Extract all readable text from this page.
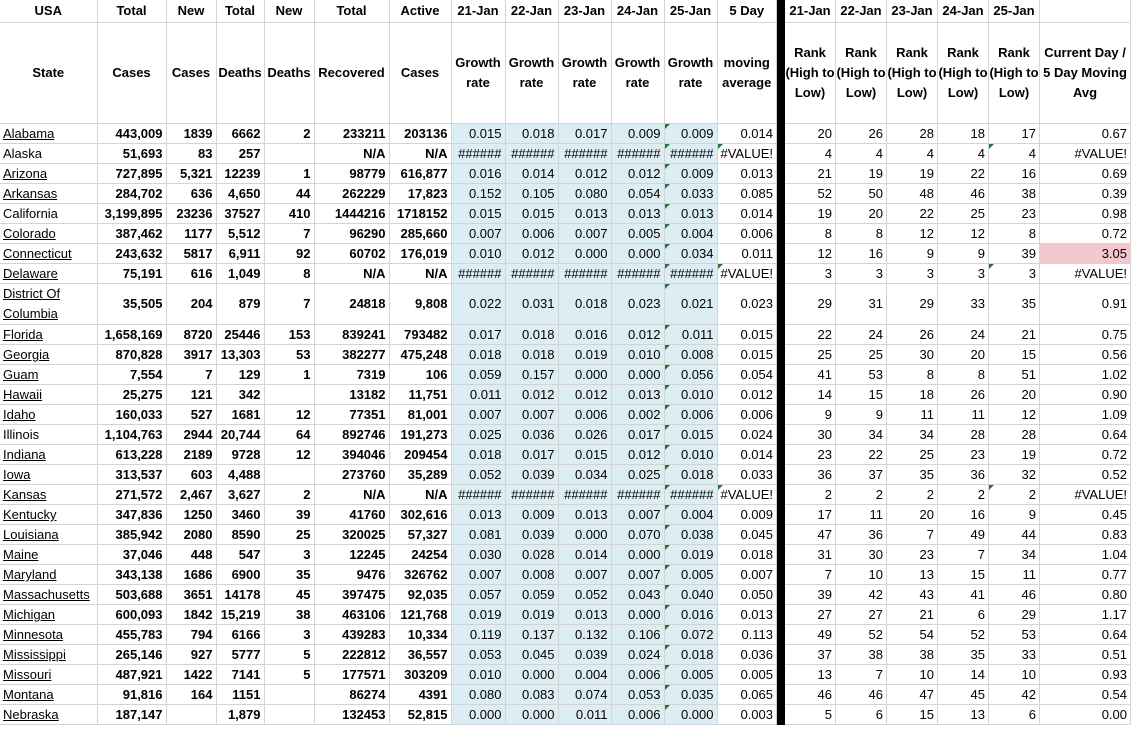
USA	Total	New	Total	New	Total	Active	21-Jan	22-Jan	23-Jan	24-Jan	25-Jan	5 Day		21-Jan	22-Jan	23-Jan	24-Jan	25-Jan	
State	Cases	Cases	Deaths	Deaths	Recovered	Cases	Growth rate	Growth rate	Growth rate	Growth rate	Growth rate	moving average		Rank (High to Low)	Rank (High to Low)	Rank (High to Low)	Rank (High to Low)	Rank (High to Low)	Current Day / 5 Day Moving Avg
Alabama	443,009	1839	6662	2	233211	203136	0.015	0.018	0.017	0.009	0.009	0.014		20	26	28	18	17	0.67
Alaska	51,693	83	257		N/A	N/A	######	######	######	######	######	#VALUE!		4	4	4	4	4	#VALUE!
Arizona	727,895	5,321	12239	1	98779	616,877	0.016	0.014	0.012	0.012	0.009	0.013		21	19	19	22	16	0.69
Arkansas	284,702	636	4,650	44	262229	17,823	0.152	0.105	0.080	0.054	0.033	0.085		52	50	48	46	38	0.39
California	3,199,895	23236	37527	410	1444216	1718152	0.015	0.015	0.013	0.013	0.013	0.014		19	20	22	25	23	0.98
Colorado	387,462	1177	5,512	7	96290	285,660	0.007	0.006	0.007	0.005	0.004	0.006		8	8	12	12	8	0.72
Connecticut	243,632	5817	6,911	92	60702	176,019	0.010	0.012	0.000	0.000	0.034	0.011		12	16	9	9	39	3.05
Delaware	75,191	616	1,049	8	N/A	N/A	######	######	######	######	######	#VALUE!		3	3	3	3	3	#VALUE!
District Of Columbia	35,505	204	879	7	24818	9,808	0.022	0.031	0.018	0.023	0.021	0.023		29	31	29	33	35	0.91
Florida	1,658,169	8720	25446	153	839241	793482	0.017	0.018	0.016	0.012	0.011	0.015		22	24	26	24	21	0.75
Georgia	870,828	3917	13,303	53	382277	475,248	0.018	0.018	0.019	0.010	0.008	0.015		25	25	30	20	15	0.56
Guam	7,554	7	129	1	7319	106	0.059	0.157	0.000	0.000	0.056	0.054		41	53	8	8	51	1.02
Hawaii	25,275	121	342		13182	11,751	0.011	0.012	0.012	0.013	0.010	0.012		14	15	18	26	20	0.90
Idaho	160,033	527	1681	12	77351	81,001	0.007	0.007	0.006	0.002	0.006	0.006		9	9	11	11	12	1.09
Illinois	1,104,763	2944	20,744	64	892746	191,273	0.025	0.036	0.026	0.017	0.015	0.024		30	34	34	28	28	0.64
Indiana	613,228	2189	9728	12	394046	209454	0.018	0.017	0.015	0.012	0.010	0.014		23	22	25	23	19	0.72
Iowa	313,537	603	4,488		273760	35,289	0.052	0.039	0.034	0.025	0.018	0.033		36	37	35	36	32	0.52
Kansas	271,572	2,467	3,627	2	N/A	N/A	######	######	######	######	######	#VALUE!		2	2	2	2	2	#VALUE!
Kentucky	347,836	1250	3460	39	41760	302,616	0.013	0.009	0.013	0.007	0.004	0.009		17	11	20	16	9	0.45
Louisiana	385,942	2080	8590	25	320025	57,327	0.081	0.039	0.000	0.070	0.038	0.045		47	36	7	49	44	0.83
Maine	37,046	448	547	3	12245	24254	0.030	0.028	0.014	0.000	0.019	0.018		31	30	23	7	34	1.04
Maryland	343,138	1686	6900	35	9476	326762	0.007	0.008	0.007	0.007	0.005	0.007		7	10	13	15	11	0.77
Massachusetts	503,688	3651	14178	45	397475	92,035	0.057	0.059	0.052	0.043	0.040	0.050		39	42	43	41	46	0.80
Michigan	600,093	1842	15,219	38	463106	121,768	0.019	0.019	0.013	0.000	0.016	0.013		27	27	21	6	29	1.17
Minnesota	455,783	794	6166	3	439283	10,334	0.119	0.137	0.132	0.106	0.072	0.113		49	52	54	52	53	0.64
Mississippi	265,146	927	5777	5	222812	36,557	0.053	0.045	0.039	0.024	0.018	0.036		37	38	38	35	33	0.51
Missouri	487,921	1422	7141	5	177571	303209	0.010	0.000	0.004	0.006	0.005	0.005		13	7	10	14	10	0.93
Montana	91,816	164	1151		86274	4391	0.080	0.083	0.074	0.053	0.035	0.065		46	46	47	45	42	0.54
Nebraska	187,147		1,879		132453	52,815	0.000	0.000	0.011	0.006	0.000	0.003		5	6	15	13	6	0.00
